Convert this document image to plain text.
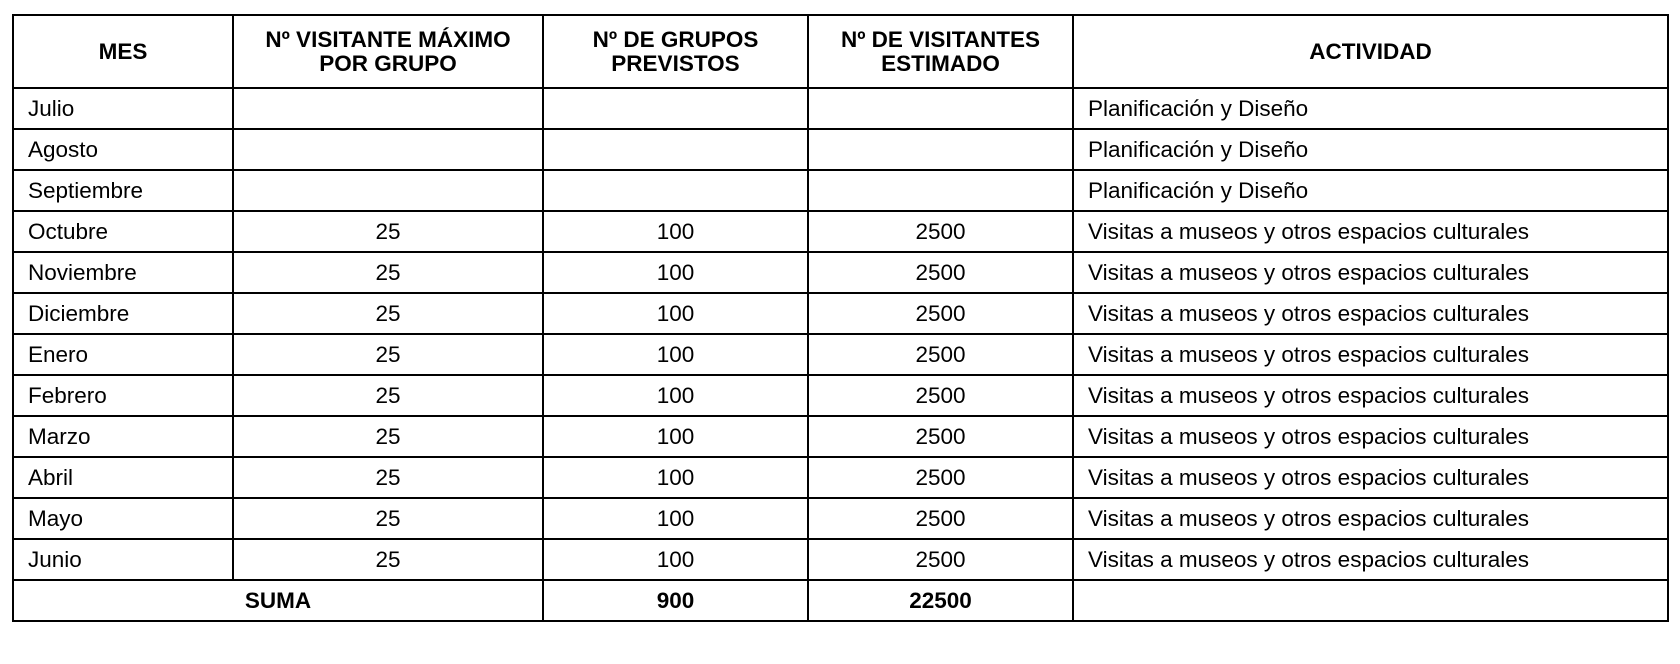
MES	Nº VISITANTE MÁXIMO POR GRUPO	Nº DE GRUPOS PREVISTOS	Nº DE VISITANTES ESTIMADO	ACTIVIDAD
Julio				Planificación y Diseño
Agosto				Planificación y Diseño
Septiembre				Planificación y Diseño
Octubre	25	100	2500	Visitas a museos y otros espacios culturales
Noviembre	25	100	2500	Visitas a museos y otros espacios culturales
Diciembre	25	100	2500	Visitas a museos y otros espacios culturales
Enero	25	100	2500	Visitas a museos y otros espacios culturales
Febrero	25	100	2500	Visitas a museos y otros espacios culturales
Marzo	25	100	2500	Visitas a museos y otros espacios culturales
Abril	25	100	2500	Visitas a museos y otros espacios culturales
Mayo	25	100	2500	Visitas a museos y otros espacios culturales
Junio	25	100	2500	Visitas a museos y otros espacios culturales
SUMA		900	22500	
